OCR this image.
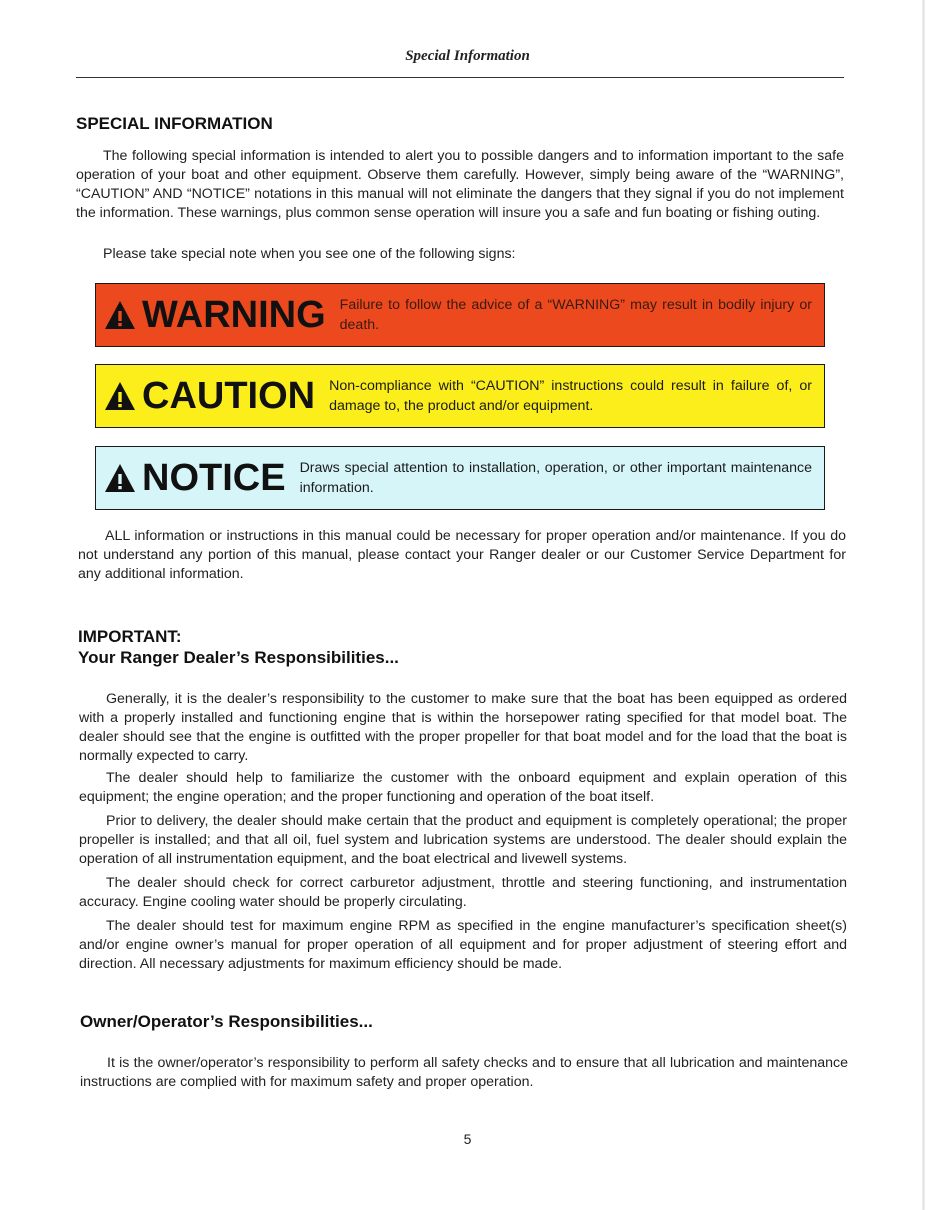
Special Information
SPECIAL INFORMATION

The following special information is intended to alert you to possible dangers and to information important to the safe operation of your boat and other equipment. Observe them carefully. However, simply being aware of the “WARNING”, “CAUTION” AND “NOTICE” notations in this manual will not eliminate the dangers that they signal if you do not implement the information. These warnings, plus common sense operation will insure you a safe and fun boating or fishing outing.

Please take special note when you see one of the following signs:

WARNING Failure to follow the advice of a “WARNING” may result in bodily injury or death.
CAUTION Non-compliance with “CAUTION” instructions could result in failure of, or damage to, the product and/or equipment.
NOTICE Draws special attention to installation, operation, or other important maintenance information.

ALL information or instructions in this manual could be necessary for proper operation and/or maintenance. If you do not understand any portion of this manual, please contact your Ranger dealer or our Customer Service Department for any additional information.

IMPORTANT:
Your Ranger Dealer’s Responsibilities...

Generally, it is the dealer’s responsibility to the customer to make sure that the boat has been equipped as ordered with a properly installed and functioning engine that is within the horsepower rating specified for that model boat. The dealer should see that the engine is outfitted with the proper propeller for that boat model and for the load that the boat is normally expected to carry.

The dealer should help to familiarize the customer with the onboard equipment and explain operation of this equipment; the engine operation; and the proper functioning and operation of the boat itself.

Prior to delivery, the dealer should make certain that the product and equipment is completely operational; the proper propeller is installed; and that all oil, fuel system and lubrication systems are understood. The dealer should explain the operation of all instrumentation equipment, and the boat electrical and livewell systems.

The dealer should check for correct carburetor adjustment, throttle and steering functioning, and instrumentation accuracy. Engine cooling water should be properly circulating.

The dealer should test for maximum engine RPM as specified in the engine manufacturer’s specification sheet(s) and/or engine owner’s manual for proper operation of all equipment and for proper adjustment of steering effort and direction. All necessary adjustments for maximum efficiency should be made.

Owner/Operator’s Responsibilities...

It is the owner/operator’s responsibility to perform all safety checks and to ensure that all lubrication and maintenance instructions are complied with for maximum safety and proper operation.

5
